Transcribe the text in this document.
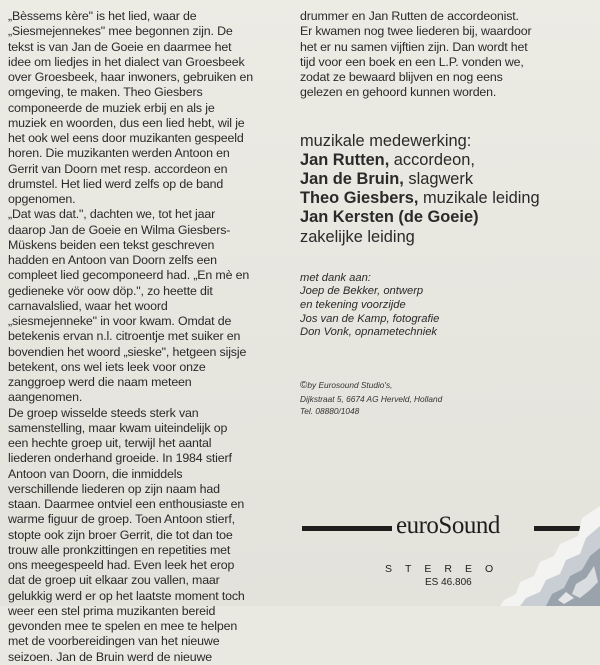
„Bèssems kère" is het lied, waar de
„Siesmejennekes" mee begonnen zijn. De
tekst is van Jan de Goeie en daarmee het
idee om liedjes in het dialect van Groesbeek
over Groesbeek, haar inwoners, gebruiken en
omgeving, te maken. Theo Giesbers
componeerde de muziek erbij en als je
muziek en woorden, dus een lied hebt, wil je
het ook wel eens door muzikanten gespeeld
horen. Die muzikanten werden Antoon en
Gerrit van Doorn met resp. accordeon en
drumstel. Het lied werd zelfs op de band
opgenomen.
„Dat was dat.", dachten we, tot het jaar
daarop Jan de Goeie en Wilma Giesbers-
Müskens beiden een tekst geschreven
hadden en Antoon van Doorn zelfs een
compleet lied gecomponeerd had. „En mè en
gedieneke vör oow döp.", zo heette dit
carnavalslied, waar het woord
„siesmejenneke" in voor kwam. Omdat de
betekenis ervan n.l. citroentje met suiker en
bovendien het woord „sieske", hetgeen sijsje
betekent, ons wel iets leek voor onze
zanggroep werd die naam meteen
aangenomen.
De groep wisselde steeds sterk van
samenstelling, maar kwam uiteindelijk op
een hechte groep uit, terwijl het aantal
liederen onderhand groeide. In 1984 stierf
Antoon van Doorn, die inmiddels
verschillende liederen op zijn naam had
staan. Daarmee ontviel een enthousiaste en
warme figuur de groep. Toen Antoon stierf,
stopte ook zijn broer Gerrit, die tot dan toe
trouw alle pronkzittingen en repetities met
ons meegespeeld had. Even leek het erop
dat de groep uit elkaar zou vallen, maar
gelukkig werd er op het laatste moment toch
weer een stel prima muzikanten bereid
gevonden mee te spelen en mee te helpen
met de voorbereidingen van het nieuwe
seizoen. Jan de Bruin werd de nieuwe
drummer en Jan Rutten de accordeonist.
Er kwamen nog twee liederen bij, waardoor
het er nu samen vijftien zijn. Dan wordt het
tijd voor een boek en een L.P. vonden we,
zodat ze bewaard blijven en nog eens
gelezen en gehoord kunnen worden.
muzikale medewerking:
Jan Rutten, accordeon,
Jan de Bruin, slagwerk
Theo Giesbers, muzikale leiding
Jan Kersten (de Goeie)
zakelijke leiding
met dank aan:
Joep de Bekker, ontwerp
en tekening voorzijde
Jos van de Kamp, fotografie
Don Vonk, opnametechniek
©by Eurosound Studio's,
Dijkstraat 5, 6674 AG Herveld, Holland
Tel. 08880/1048
euroSound
STEREO
ES 46.806
